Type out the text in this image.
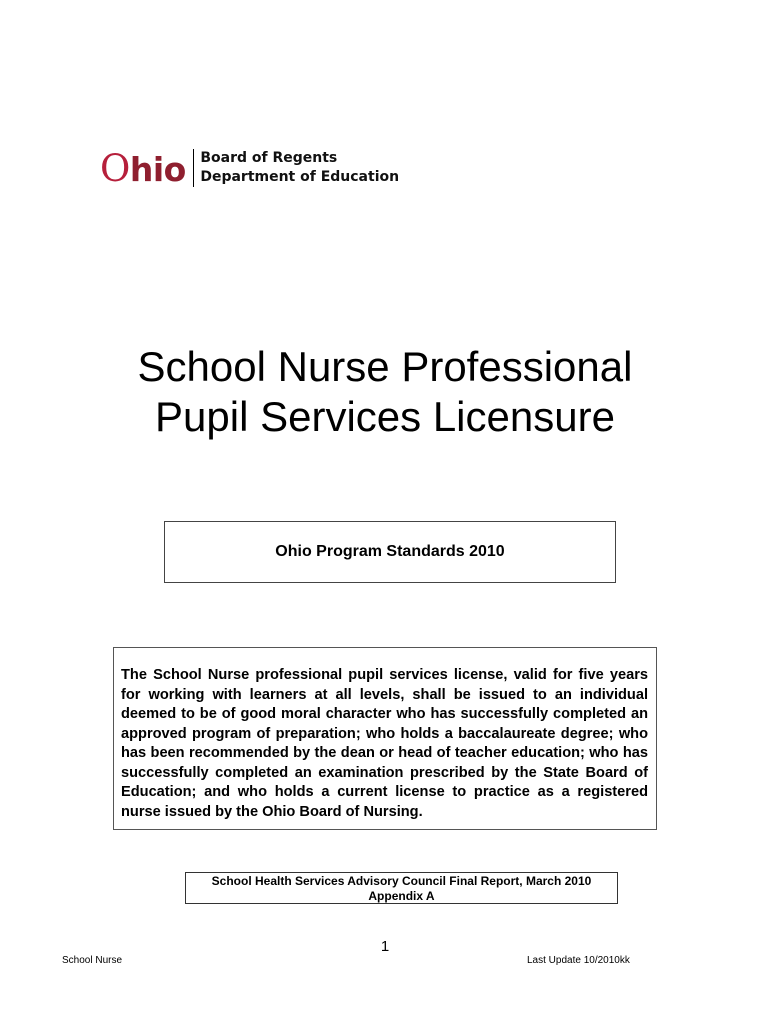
Ohio Board of Regents
Department of Education
School Nurse Professional
Pupil Services Licensure
Ohio Program Standards 2010

The School Nurse professional pupil services license, valid for five years for working with learners at all levels, shall be issued to an individual deemed to be of good moral character who has successfully completed an approved program of preparation; who holds a baccalaureate degree; who has been recommended by the dean or head of teacher education; who has successfully completed an examination prescribed by the State Board of Education; and who holds a current license to practice as a registered nurse issued by the Ohio Board of Nursing.

School Health Services Advisory Council Final Report, March 2010
Appendix A
1
School Nurse	Last Update 10/2010kk
